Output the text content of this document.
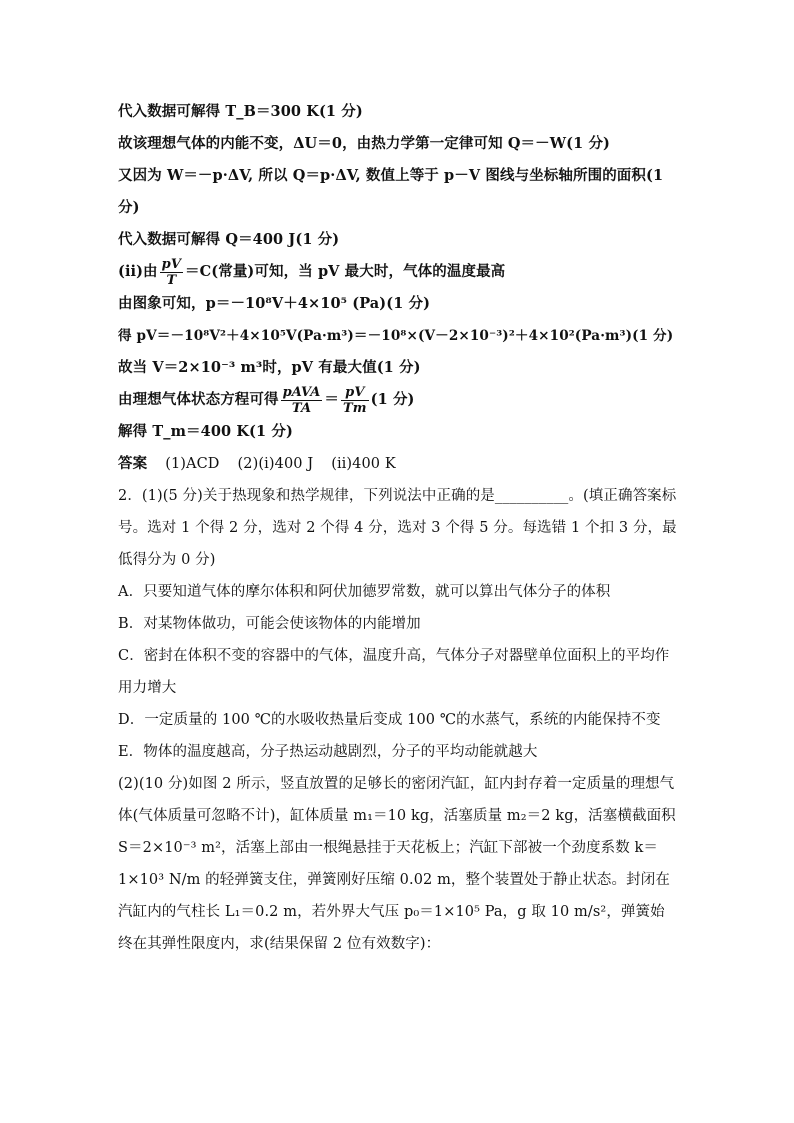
代入数据可解得 T_B＝300 K(1 分)
故该理想气体的内能不变，ΔU＝0，由热力学第一定律可知 Q＝－W(1 分)
又因为 W＝－p·ΔV, 所以 Q＝p·ΔV, 数值上等于 p－V 图线与坐标轴所围的面积(1
分)
代入数据可解得 Q＝400 J(1 分)
(ⅱ)由 $\frac{pV}{T} =C$(常量)可知，当 pV 最大时，气体的温度最高
由图象可知，p＝－10⁸V＋4×10⁵ (Pa)(1 分)
得 pV＝－10⁸V²＋4×10⁵V(Pa·m³)＝－10⁸×(V－2×10⁻³)²＋4×10²(Pa·m³)(1 分)
故当 V＝2×10⁻³ m³时，pV 有最大值(1 分)
由理想气体状态方程可得 $\frac{\text{pAVA}}{TA} = \frac{pV}{Tm} (1$ 分)
解得 T_m＝400 K(1 分)
答案 (1)ACD (2)(ⅰ)400 J (ⅱ)400 K
2．(1)(5 分)关于热现象和热学规律，下列说法中正确的是__________。(填正确答案标号。选对 1 个得 2 分，选对 2 个得 4 分，选对 3 个得 5 分。每选错 1 个扣 3 分，最低得分为 0 分)
A．只要知道气体的摩尔体积和阿伏加德罗常数，就可以算出气体分子的体积
B．对某物体做功，可能会使该物体的内能增加
C．密封在体积不变的容器中的气体，温度升高，气体分子对器壁单位面积上的平均作用力增大
D．一定质量的 100 ℃的水吸收热量后变成 100 ℃的水蒸气，系统的内能保持不变
E．物体的温度越高，分子热运动越剧烈，分子的平均动能就越大
(2)(10 分)如图 2 所示，竖直放置的足够长的密闭汽缸，缸内封存着一定质量的理想气体(气体质量可忽略不计)，缸体质量 m₁＝10 kg，活塞质量 m₂＝2 kg，活塞横截面积 S＝2×10⁻³ m²，活塞上部由一根绳悬挂于天花板上；汽缸下部被一个劲度系数 k＝1×10³ N/m 的轻弹簧支住，弹簧刚好压缩 0.02 m，整个装置处于静止状态。封闭在汽缸内的气柱长 L₁＝0.2 m，若外界大气压 p₀＝1×10⁵ Pa，g 取 10 m/s²，弹簧始终在其弹性限度内，求(结果保留 2 位有效数字)：
